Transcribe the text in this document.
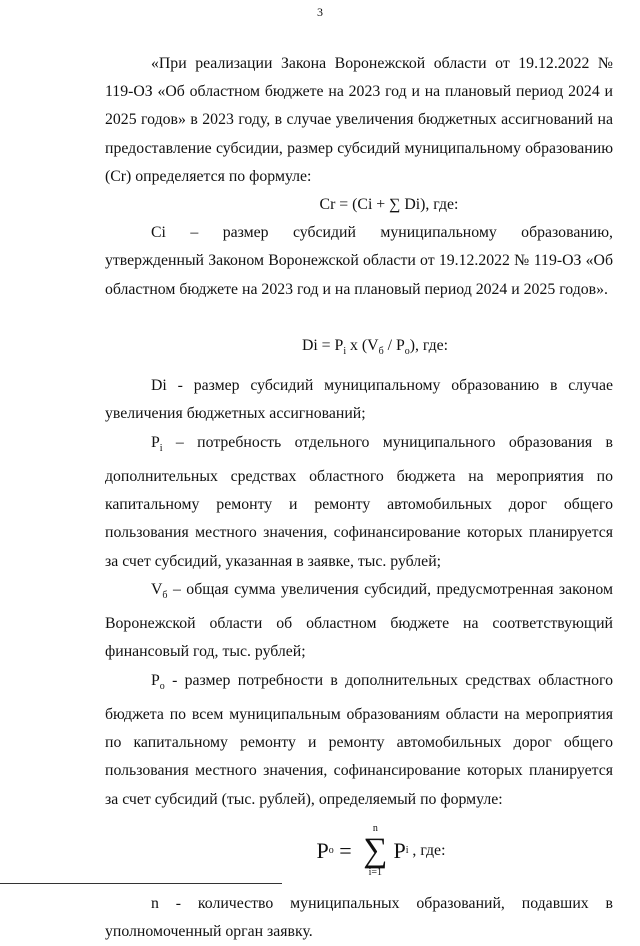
3

«При реализации Закона Воронежской области от 19.12.2022 № 119-ОЗ «Об областном бюджете на 2023 год и на плановый период 2024 и 2025 годов» в 2023 году, в случае увеличения бюджетных ассигнований на предоставление субсидии, размер субсидий муниципальному образованию (Сr) определяется по формуле:

Сr = (Сi + ∑ Di), где:

Сi – размер субсидий муниципальному образованию, утвержденный Законом Воронежской области от 19.12.2022 № 119-ОЗ «Об областном бюджете на 2023 год и на плановый период 2024 и 2025 годов».

$Di = P_i$ x $(V_б / P_о)$, где:

Di - размер субсидий муниципальному образованию в случае увеличения бюджетных ассигнований;

$P_i$ – потребность отдельного муниципального образования в дополнительных средствах областного бюджета на мероприятия по капитальному ремонту и ремонту автомобильных дорог общего пользования местного значения, софинансирование которых планируется за счет субсидий, указанная в заявке, тыс. рублей;

$V_б$ – общая сумма увеличения субсидий, предусмотренная законом Воронежской области об областном бюджете на соответствующий финансовый год, тыс. рублей;

$P_о$ - размер потребности в дополнительных средствах областного бюджета по всем муниципальным образованиям области на мероприятия по капитальному ремонту и ремонту автомобильных дорог общего пользования местного значения, софинансирование которых планируется за счет субсидий (тыс. рублей), определяемый по формуле:

P o =
n
∑
i=1
P i , где:

n - количество муниципальных образований, подавших в уполномоченный орган заявку.
